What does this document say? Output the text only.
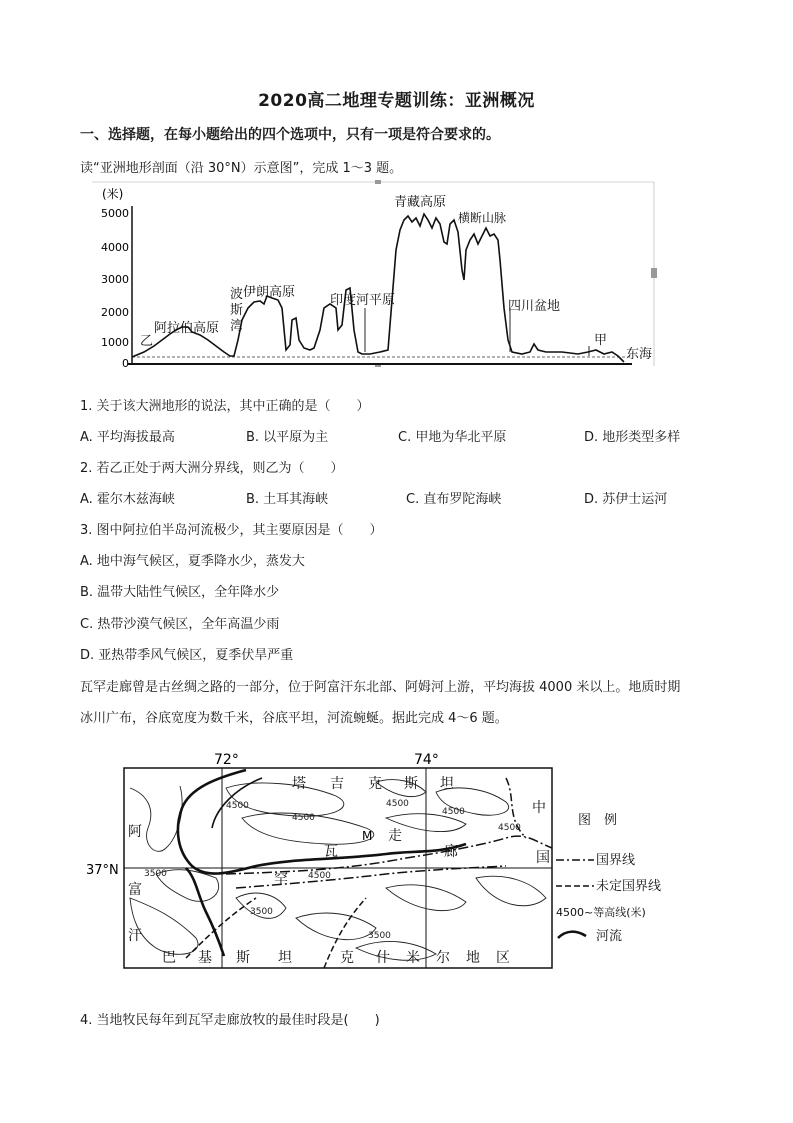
2020高二地理专题训练：亚洲概况
一、选择题，在每小题给出的四个选项中，只有一项是符合要求的。
读“亚洲地形剖面（沿 30°N）示意图”，完成 1～3 题。
(米)
5000
4000
3000
2000
1000
0
乙
阿拉伯高原
波
斯
湾
伊朗高原
印度河平原
青藏高原
横断山脉
四川盆地
甲
东海
1. 关于该大洲地形的说法，其中正确的是（　　）
A. 平均海拔最高	B. 以平原为主	C. 甲地为华北平原	D. 地形类型多样
2. 若乙正处于两大洲分界线，则乙为（　　）
A. 霍尔木兹海峡	B. 土耳其海峡	C. 直布罗陀海峡	D. 苏伊士运河
3. 图中阿拉伯半岛河流极少，其主要原因是（　　）
A. 地中海气候区，夏季降水少，蒸发大
B. 温带大陆性气候区，全年降水少
C. 热带沙漠气候区，全年高温少雨
D. 亚热带季风气候区，夏季伏旱严重
瓦罕走廊曾是古丝绸之路的一部分，位于阿富汗东北部、阿姆河上游，平均海拔 4000 米以上。地质时期
冰川广布，谷底宽度为数千米，谷底平坦，河流蜿蜒。据此完成 4～6 题。
72°	74°
37°N
M
4500
4500
4500
4500
4500
4500
3500
3500
3500
塔 吉 克 斯 坦
阿
富
汗
中
国
瓦
罕
走
廊
巴 基 斯 坦	克 什 米 尔 地 区
图　例
国界线
未定国界线
4500~等高线(米)
河流
4. 当地牧民每年到瓦罕走廊放牧的最佳时段是(　　)
